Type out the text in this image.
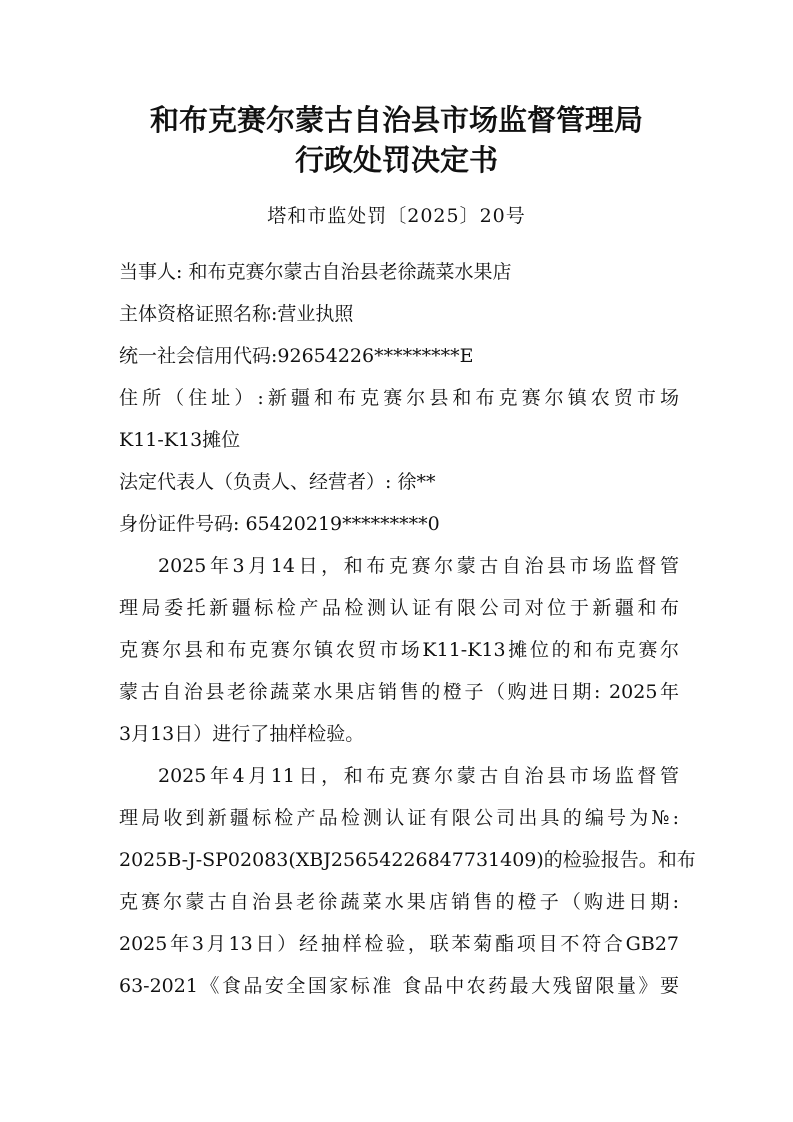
和布克赛尔蒙古自治县市场监督管理局
行政处罚决定书
塔和市监处罚〔2025〕20号
当事人: 和布克赛尔蒙古自治县老徐蔬菜水果店
主体资格证照名称:营业执照
统一社会信用代码:92654226*********E
住所（住址）:新疆和布克赛尔县和布克赛尔镇农贸市场
K11-K13摊位
法定代表人（负责人、经营者）: 徐**
身份证件号码: 65420219*********0
2025年3月14日，和布克赛尔蒙古自治县市场监督管
理局委托新疆标检产品检测认证有限公司对位于新疆和布
克赛尔县和布克赛尔镇农贸市场K11-K13摊位的和布克赛尔
蒙古自治县老徐蔬菜水果店销售的橙子（购进日期: 2025年
3月13日）进行了抽样检验。
2025年4月11日，和布克赛尔蒙古自治县市场监督管
理局收到新疆标检产品检测认证有限公司出具的编号为№:
2025B-J-SP02083(XBJ25654226847731409)的检验报告。和布
克赛尔蒙古自治县老徐蔬菜水果店销售的橙子（购进日期:
2025年3月13日）经抽样检验，联苯菊酯项目不符合GB27
63-2021《食品安全国家标准 食品中农药最大残留限量》要
